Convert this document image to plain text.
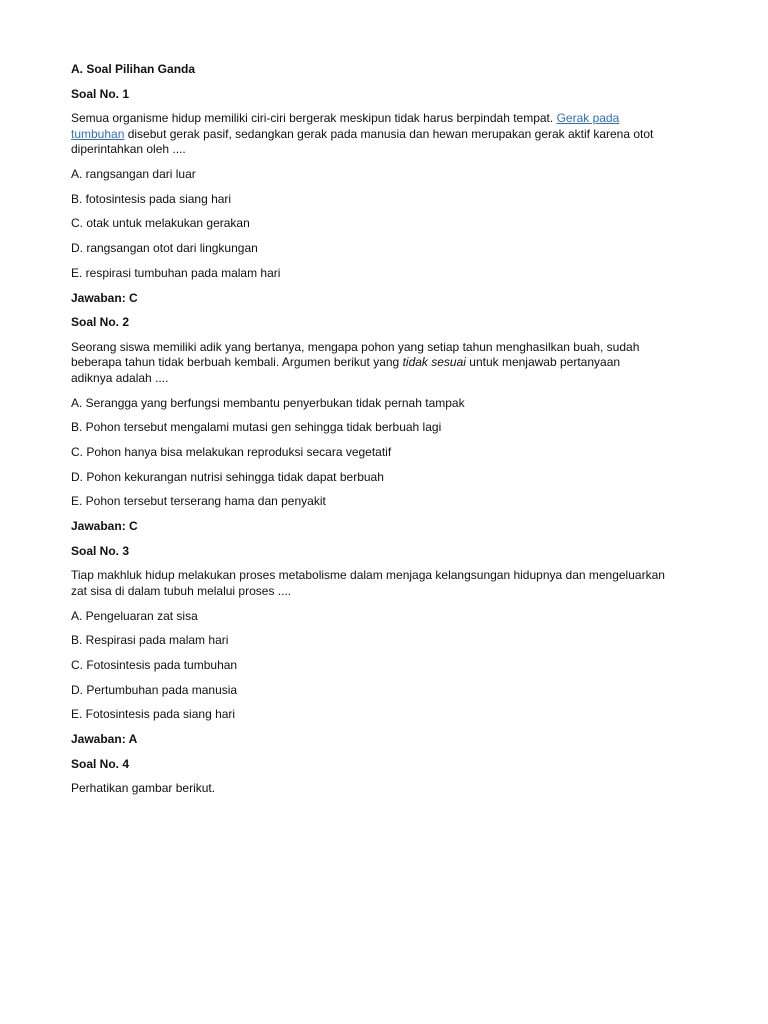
A. Soal Pilihan Ganda
Soal No. 1
Semua organisme hidup memiliki ciri-ciri bergerak meskipun tidak harus berpindah tempat. Gerak pada
tumbuhan disebut gerak pasif, sedangkan gerak pada manusia dan hewan merupakan gerak aktif karena otot
diperintahkan oleh ....
A. rangsangan dari luar
B. fotosintesis pada siang hari
C. otak untuk melakukan gerakan
D. rangsangan otot dari lingkungan
E. respirasi tumbuhan pada malam hari
Jawaban: C
Soal No. 2
Seorang siswa memiliki adik yang bertanya, mengapa pohon yang setiap tahun menghasilkan buah, sudah
beberapa tahun tidak berbuah kembali. Argumen berikut yang tidak sesuai untuk menjawab pertanyaan
adiknya adalah ....
A. Serangga yang berfungsi membantu penyerbukan tidak pernah tampak
B. Pohon tersebut mengalami mutasi gen sehingga tidak berbuah lagi
C. Pohon hanya bisa melakukan reproduksi secara vegetatif
D. Pohon kekurangan nutrisi sehingga tidak dapat berbuah
E. Pohon tersebut terserang hama dan penyakit
Jawaban: C
Soal No. 3
Tiap makhluk hidup melakukan proses metabolisme dalam menjaga kelangsungan hidupnya dan mengeluarkan
zat sisa di dalam tubuh melalui proses ....
A. Pengeluaran zat sisa
B. Respirasi pada malam hari
C. Fotosintesis pada tumbuhan
D. Pertumbuhan pada manusia
E. Fotosintesis pada siang hari
Jawaban: A
Soal No. 4
Perhatikan gambar berikut.
